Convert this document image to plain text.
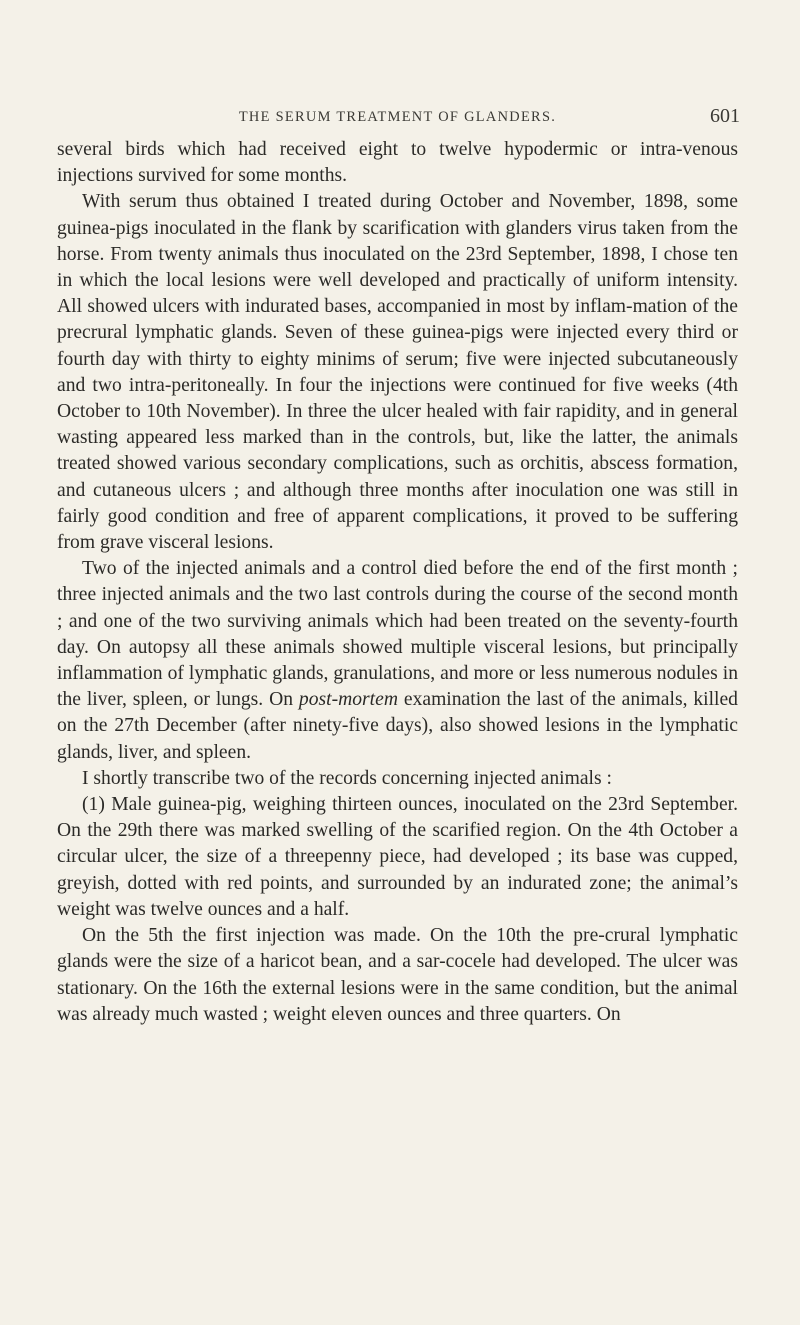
THE SERUM TREATMENT OF GLANDERS.	601

several birds which had received eight to twelve hypodermic or intra-venous injections survived for some months.

With serum thus obtained I treated during October and November, 1898, some guinea-pigs inoculated in the flank by scarification with glanders virus taken from the horse. From twenty animals thus inoculated on the 23rd September, 1898, I chose ten in which the local lesions were well developed and practically of uniform intensity. All showed ulcers with indurated bases, accompanied in most by inflam-mation of the precrural lymphatic glands. Seven of these guinea-pigs were injected every third or fourth day with thirty to eighty minims of serum; five were injected subcutaneously and two intra-peritoneally. In four the injections were continued for five weeks (4th October to 10th November). In three the ulcer healed with fair rapidity, and in general wasting appeared less marked than in the controls, but, like the latter, the animals treated showed various secondary complications, such as orchitis, abscess formation, and cutaneous ulcers ; and although three months after inoculation one was still in fairly good condition and free of apparent complications, it proved to be suffering from grave visceral lesions.

Two of the injected animals and a control died before the end of the first month ; three injected animals and the two last controls during the course of the second month ; and one of the two surviving animals which had been treated on the seventy-fourth day. On autopsy all these animals showed multiple visceral lesions, but principally inflammation of lymphatic glands, granulations, and more or less numerous nodules in the liver, spleen, or lungs. On post-mortem examination the last of the animals, killed on the 27th December (after ninety-five days), also showed lesions in the lymphatic glands, liver, and spleen.

I shortly transcribe two of the records concerning injected animals :

(1) Male guinea-pig, weighing thirteen ounces, inoculated on the 23rd September. On the 29th there was marked swelling of the scarified region. On the 4th October a circular ulcer, the size of a threepenny piece, had developed ; its base was cupped, greyish, dotted with red points, and surrounded by an indurated zone; the animal’s weight was twelve ounces and a half.

On the 5th the first injection was made. On the 10th the pre-crural lymphatic glands were the size of a haricot bean, and a sar-cocele had developed. The ulcer was stationary. On the 16th the external lesions were in the same condition, but the animal was already much wasted ; weight eleven ounces and three quarters. On
